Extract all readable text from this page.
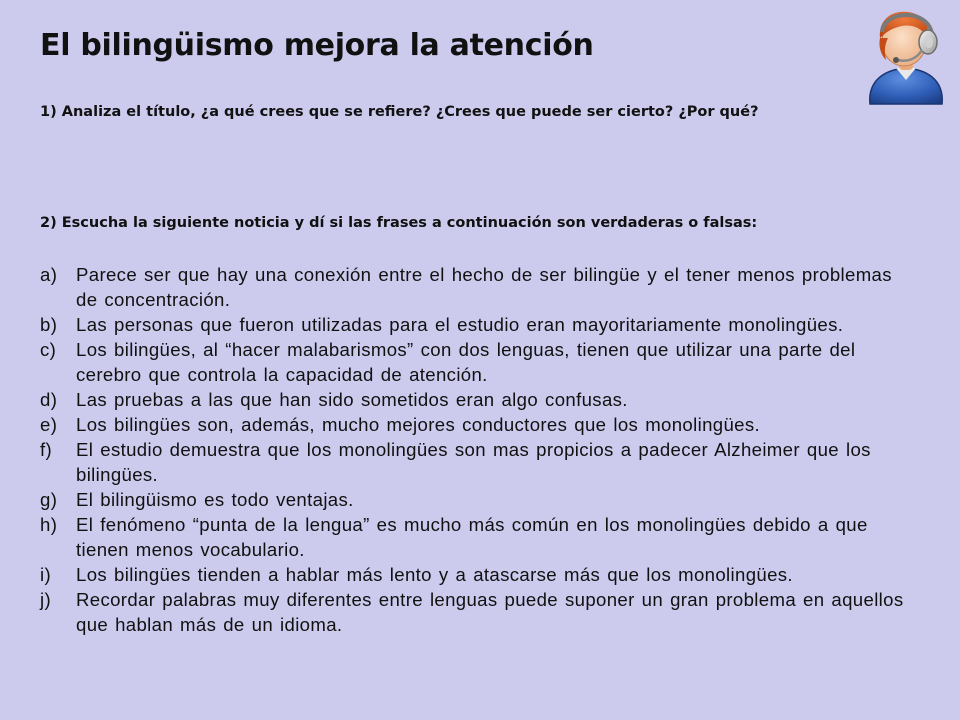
El bilingüismo mejora la atención

1) Analiza el título, ¿a qué crees que se refiere? ¿Crees que puede ser cierto? ¿Por qué?

2) Escucha la siguiente noticia y dí si las frases a continuación son verdaderas o falsas:

a)	Parece ser que hay una conexión entre el hecho de ser bilingüe y el tener menos problemas de concentración.
b)	Las personas que fueron utilizadas para el estudio eran mayoritariamente monolingües.
c)	Los bilingües, al “hacer malabarismos” con dos lenguas, tienen que utilizar una parte del cerebro que controla la capacidad de atención.
d)	Las pruebas a las que han sido sometidos eran algo confusas.
e)	Los bilingües son, además, mucho mejores conductores que los monolingües.
f)	El estudio demuestra que los monolingües son mas propicios a padecer Alzheimer que los bilingües.
g)	El bilingüismo es todo ventajas.
h)	El fenómeno “punta de la lengua” es mucho más común en los monolingües debido a que tienen menos vocabulario.
i)	Los bilingües tienden a hablar más lento y a atascarse más que los monolingües.
j)	Recordar palabras muy diferentes entre lenguas puede suponer un gran problema en aquellos que hablan más de un idioma.
